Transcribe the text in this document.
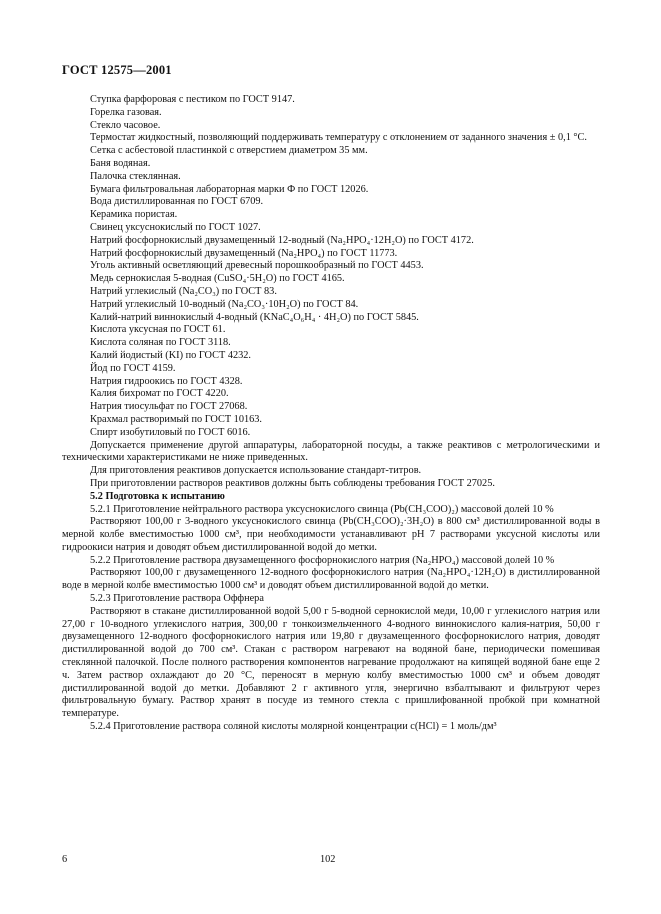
ГОСТ 12575—2001

Ступка фарфоровая с пестиком по ГОСТ 9147.

Горелка газовая.

Стекло часовое.

Термостат жидкостный, позволяющий поддерживать температуру с отклонением от заданного значения ± 0,1 °С.

Сетка с асбестовой пластинкой с отверстием диаметром 35 мм.

Баня водяная.

Палочка стеклянная.

Бумага фильтровальная лабораторная марки Ф по ГОСТ 12026.

Вода дистиллированная по ГОСТ 6709.

Керамика пористая.

Свинец уксуснокислый по ГОСТ 1027.

Натрий фосфорнокислый двузамещенный 12-водный (Na₂HPO₄·12H₂O) по ГОСТ 4172.

Натрий фосфорнокислый двузамещенный (Na₂HPO₄) по ГОСТ 11773.

Уголь активный осветляющий древесный порошкообразный по ГОСТ 4453.

Медь сернокислая 5-водная (CuSO₄·5H₂O) по ГОСТ 4165.

Натрий углекислый (Na₂CO₃) по ГОСТ 83.

Натрий углекислый 10-водный (Na₂CO₃·10H₂O) по ГОСТ 84.

Калий-натрий виннокислый 4-водный (KNaC₄O₆H₄ · 4H₂O) по ГОСТ 5845.

Кислота уксусная по ГОСТ 61.

Кислота соляная по ГОСТ 3118.

Калий йодистый (KI) по ГОСТ 4232.

Йод по ГОСТ 4159.

Натрия гидроокись по ГОСТ 4328.

Калия бихромат по ГОСТ 4220.

Натрия тиосульфат по ГОСТ 27068.

Крахмал растворимый по ГОСТ 10163.

Спирт изобутиловый по ГОСТ 6016.

Допускается применение другой аппаратуры, лабораторной посуды, а также реактивов с метрологическими и техническими характеристиками не ниже приведенных.

Для приготовления реактивов допускается использование стандарт-титров.

При приготовлении растворов реактивов должны быть соблюдены требования ГОСТ 27025.

5.2 Подготовка к испытанию

5.2.1 Приготовление нейтрального раствора уксуснокислого свинца (Pb(CH₃COO)₂) массовой долей 10 %

Растворяют 100,00 г 3-водного уксуснокислого свинца (Pb(CH₃COO)₂·3H₂O) в 800 см³ дистиллированной воды в мерной колбе вместимостью 1000 см³, при необходимости устанавливают pH 7 растворами уксусной кислоты или гидроокиси натрия и доводят объем дистиллированной водой до метки.

5.2.2 Приготовление раствора двузамещенного фосфорнокислого натрия (Na₂HPO₄) массовой долей 10 %

Растворяют 100,00 г двузамещенного 12-водного фосфорнокислого натрия (Na₂HPO₄·12H₂O) в дистиллированной воде в мерной колбе вместимостью 1000 см³ и доводят объем дистиллированной водой до метки.

5.2.3 Приготовление раствора Оффнера

Растворяют в стакане дистиллированной водой 5,00 г 5-водной сернокислой меди, 10,00 г углекислого натрия или 27,00 г 10-водного углекислого натрия, 300,00 г тонкоизмельченного 4-водного виннокислого калия-натрия, 50,00 г двузамещенного 12-водного фосфорнокислого натрия или 19,80 г двузамещенного фосфорнокислого натрия, доводят дистиллированной водой до 700 см³. Стакан с раствором нагревают на водяной бане, периодически помешивая стеклянной палочкой. После полного растворения компонентов нагревание продолжают на кипящей водяной бане еще 2 ч. Затем раствор охлаждают до 20 °С, переносят в мерную колбу вместимостью 1000 см³ и объем доводят дистиллированной водой до метки. Добавляют 2 г активного угля, энергично взбалтывают и фильтруют через фильтровальную бумагу. Раствор хранят в посуде из темного стекла с пришлифованной пробкой при комнатной температуре.

5.2.4 Приготовление раствора соляной кислоты молярной концентрации c(HCl) = 1 моль/дм³

6	102
